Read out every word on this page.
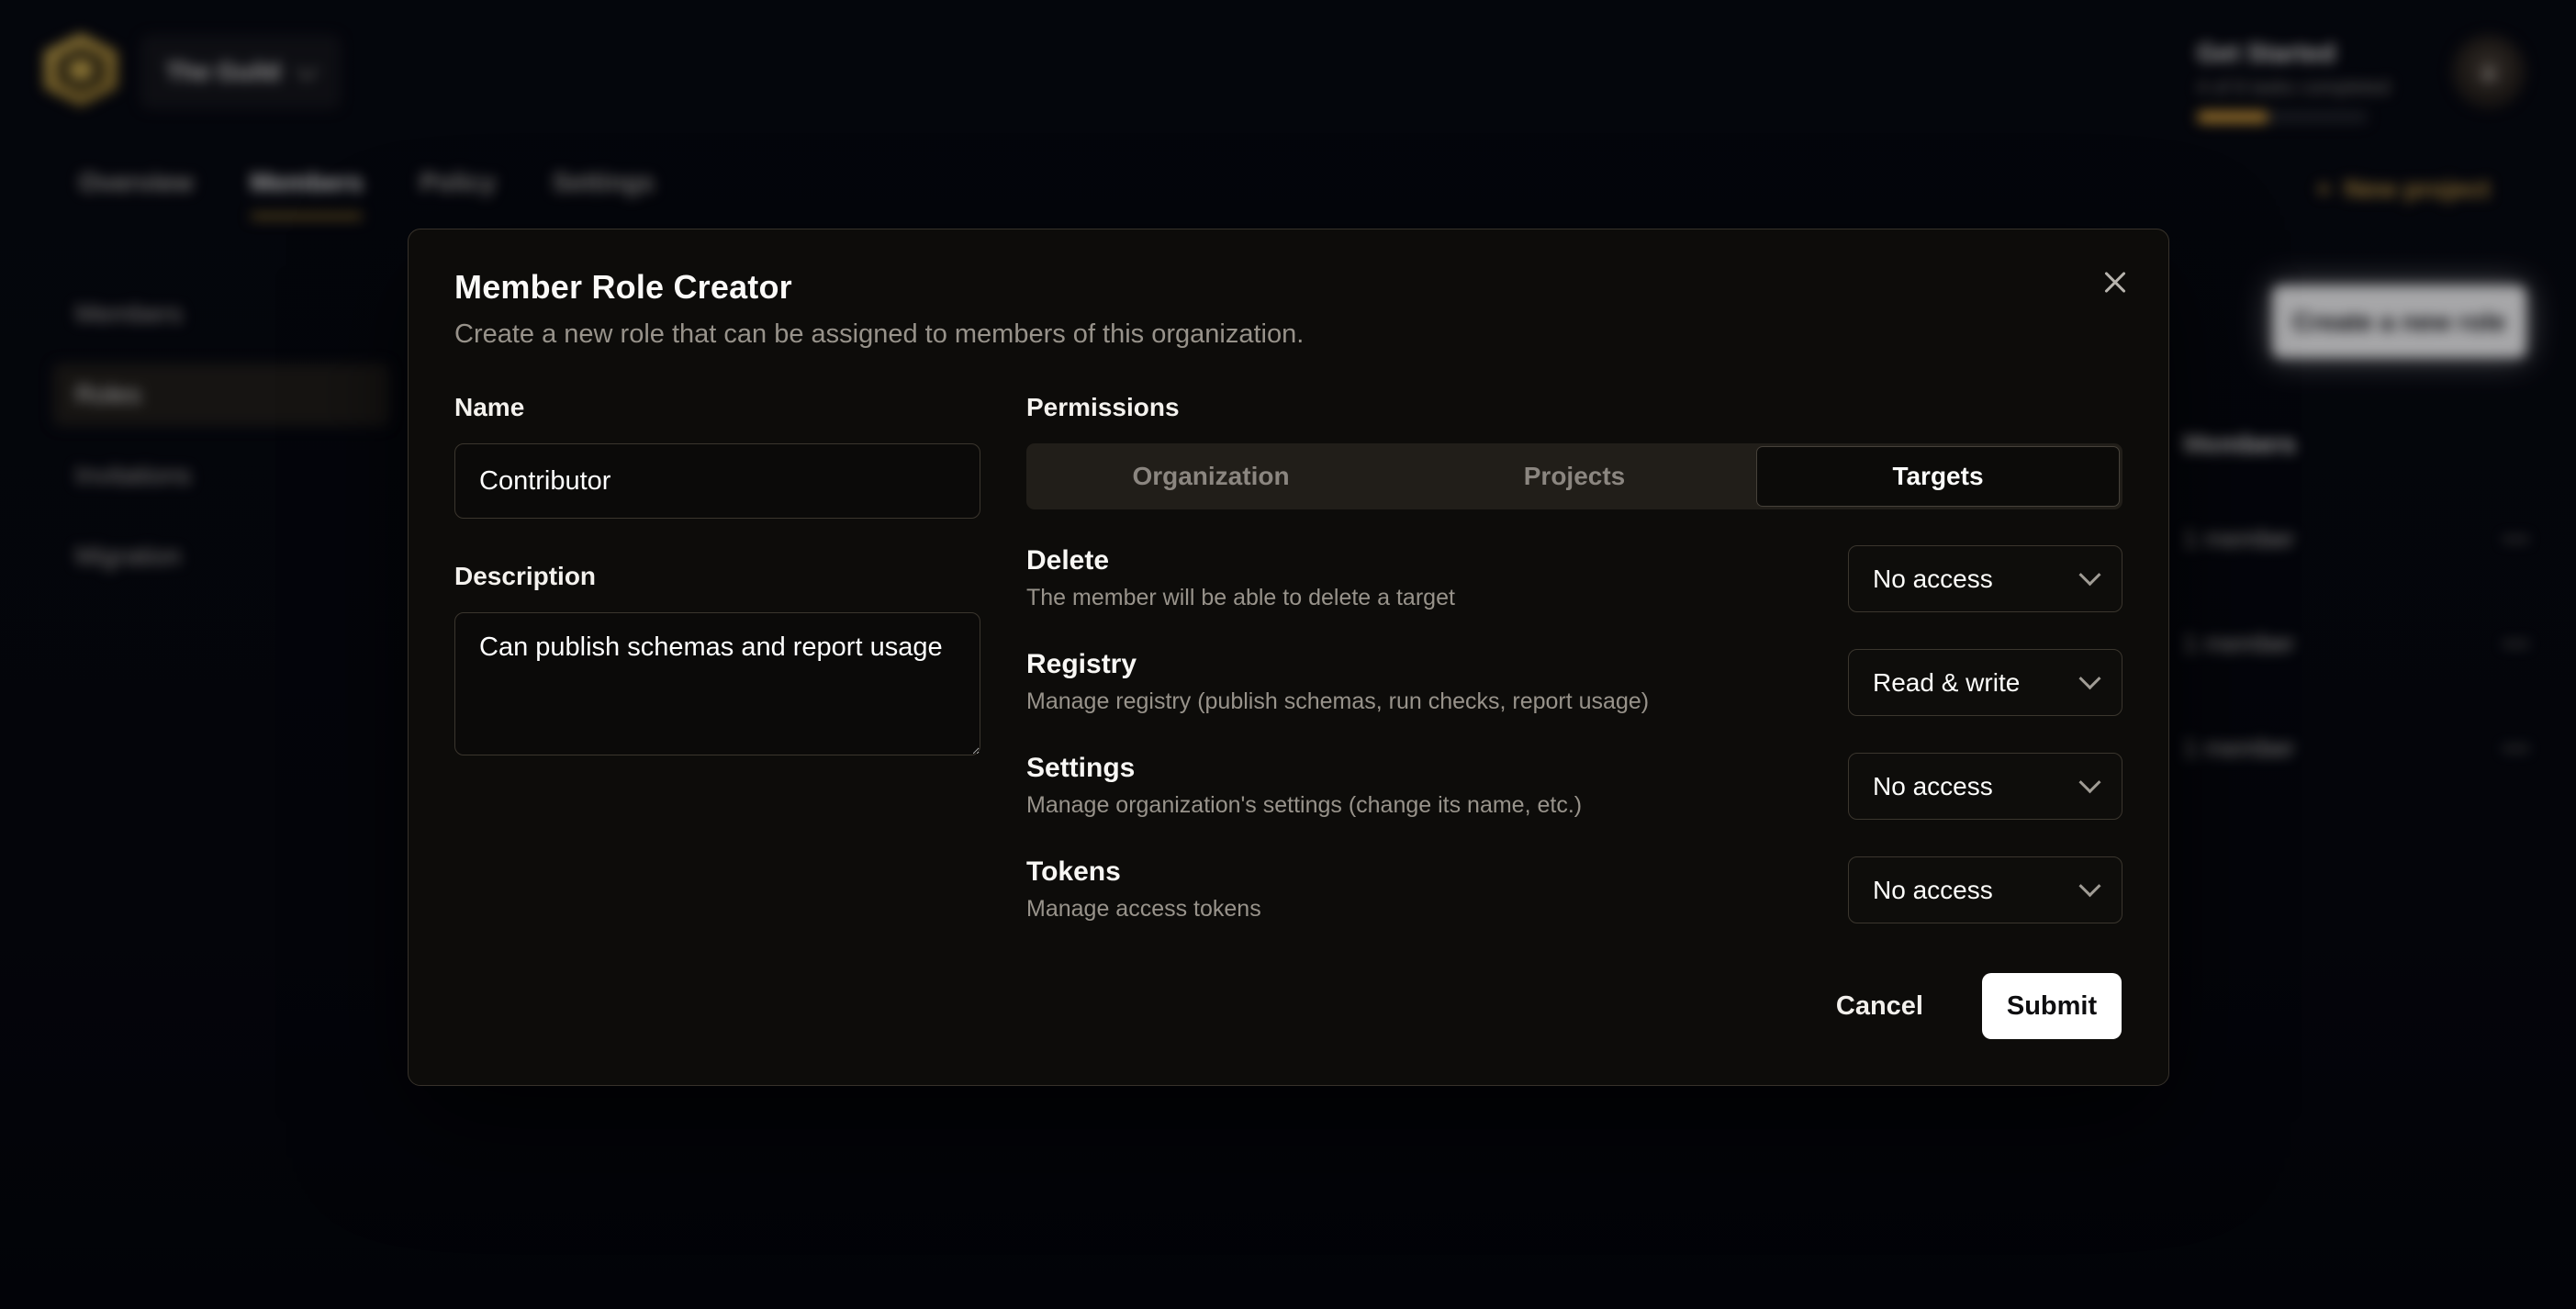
The Guild
Get Started
4 of 8 tasks completed
▲
Overview Members Policy Settings	+ New project
Members
Roles
Invitations
Migration
Create a new role
Members
1 member	•••
1 member	•••
1 member	•••
Member Role Creator
Create a new role that can be assigned to members of this organization.
Name
Contributor
Description
Can publish schemas and report usage
Permissions
Organization	Projects	Targets
Delete
The member will be able to delete a target
No access
Registry
Manage registry (publish schemas, run checks, report usage)
Read & write
Settings
Manage organization's settings (change its name, etc.)
No access
Tokens
Manage access tokens
No access
Cancel	Submit
